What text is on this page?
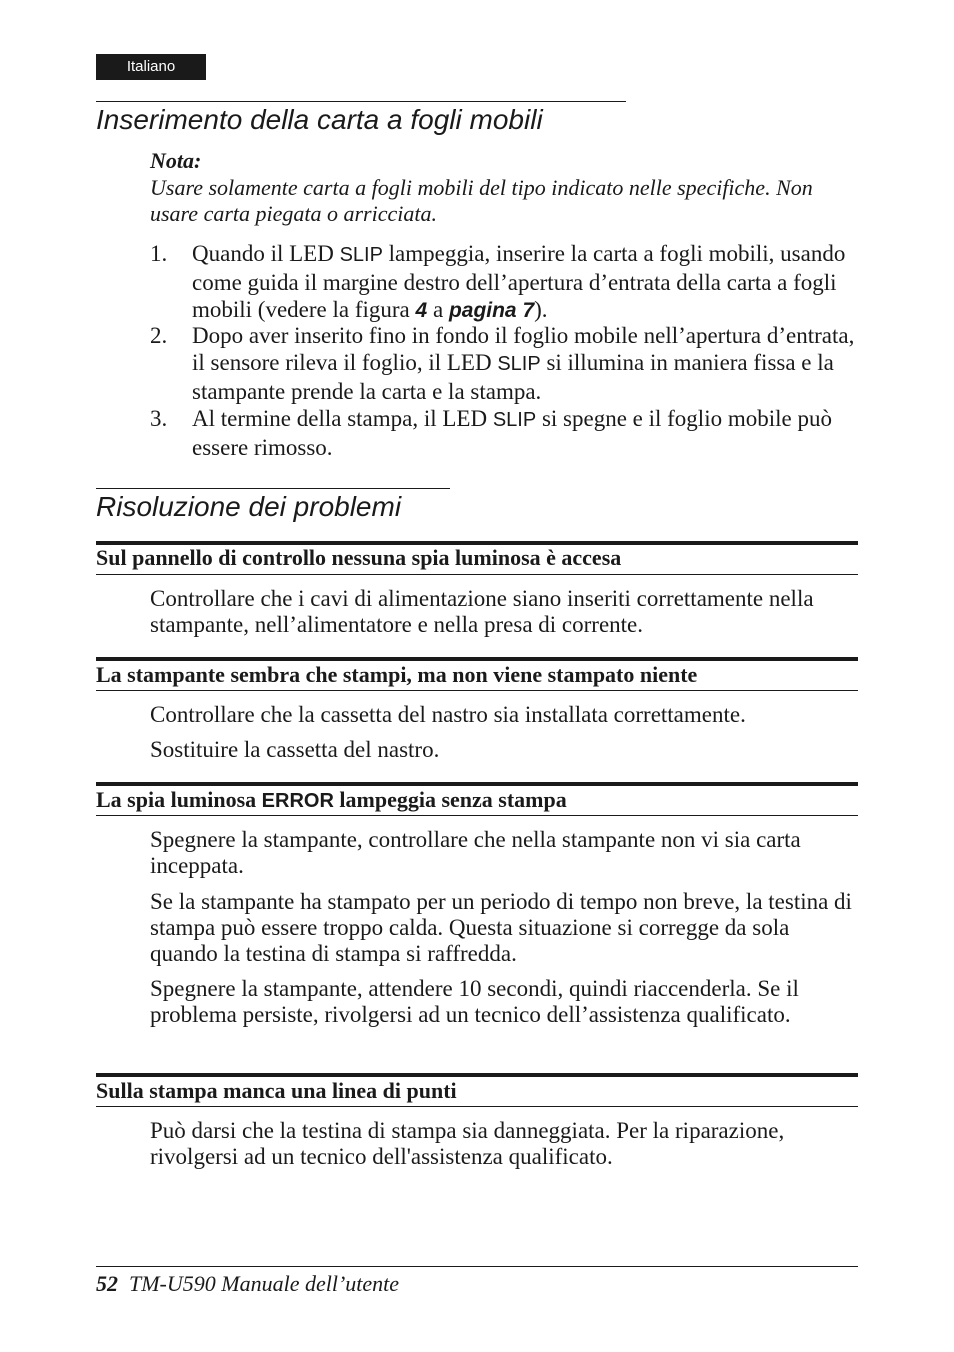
Italiano
Inserimento della carta a fogli mobili
Nota:
Usare solamente carta a fogli mobili del tipo indicato nelle specifiche. Non usare carta piegata o arricciata.
1. Quando il LED SLIP lampeggia, inserire la carta a fogli mobili, usando come guida il margine destro dell’apertura d’entrata della carta a fogli mobili (vedere la figura 4 a pagina 7).
2. Dopo aver inserito fino in fondo il foglio mobile nell’apertura d’entrata, il sensore rileva il foglio, il LED SLIP si illumina in maniera fissa e la stampante prende la carta e la stampa.
3. Al termine della stampa, il LED SLIP si spegne e il foglio mobile può essere rimosso.
Risoluzione dei problemi
Sul pannello di controllo nessuna spia luminosa è accesa
Controllare che i cavi di alimentazione siano inseriti correttamente nella stampante, nell’alimentatore e nella presa di corrente.
La stampante sembra che stampi, ma non viene stampato niente
Controllare che la cassetta del nastro sia installata correttamente.
Sostituire la cassetta del nastro.
La spia luminosa ERROR lampeggia senza stampa
Spegnere la stampante, controllare che nella stampante non vi sia carta inceppata.
Se la stampante ha stampato per un periodo di tempo non breve, la testina di stampa può essere troppo calda. Questa situazione si corregge da sola quando la testina di stampa si raffredda.
Spegnere la stampante, attendere 10 secondi, quindi riaccenderla. Se il problema persiste, rivolgersi ad un tecnico dell’assistenza qualificato.
Sulla stampa manca una linea di punti
Può darsi che la testina di stampa sia danneggiata. Per la riparazione, rivolgersi ad un tecnico dell'assistenza qualificato.
52 TM-U590 Manuale dell’utente
